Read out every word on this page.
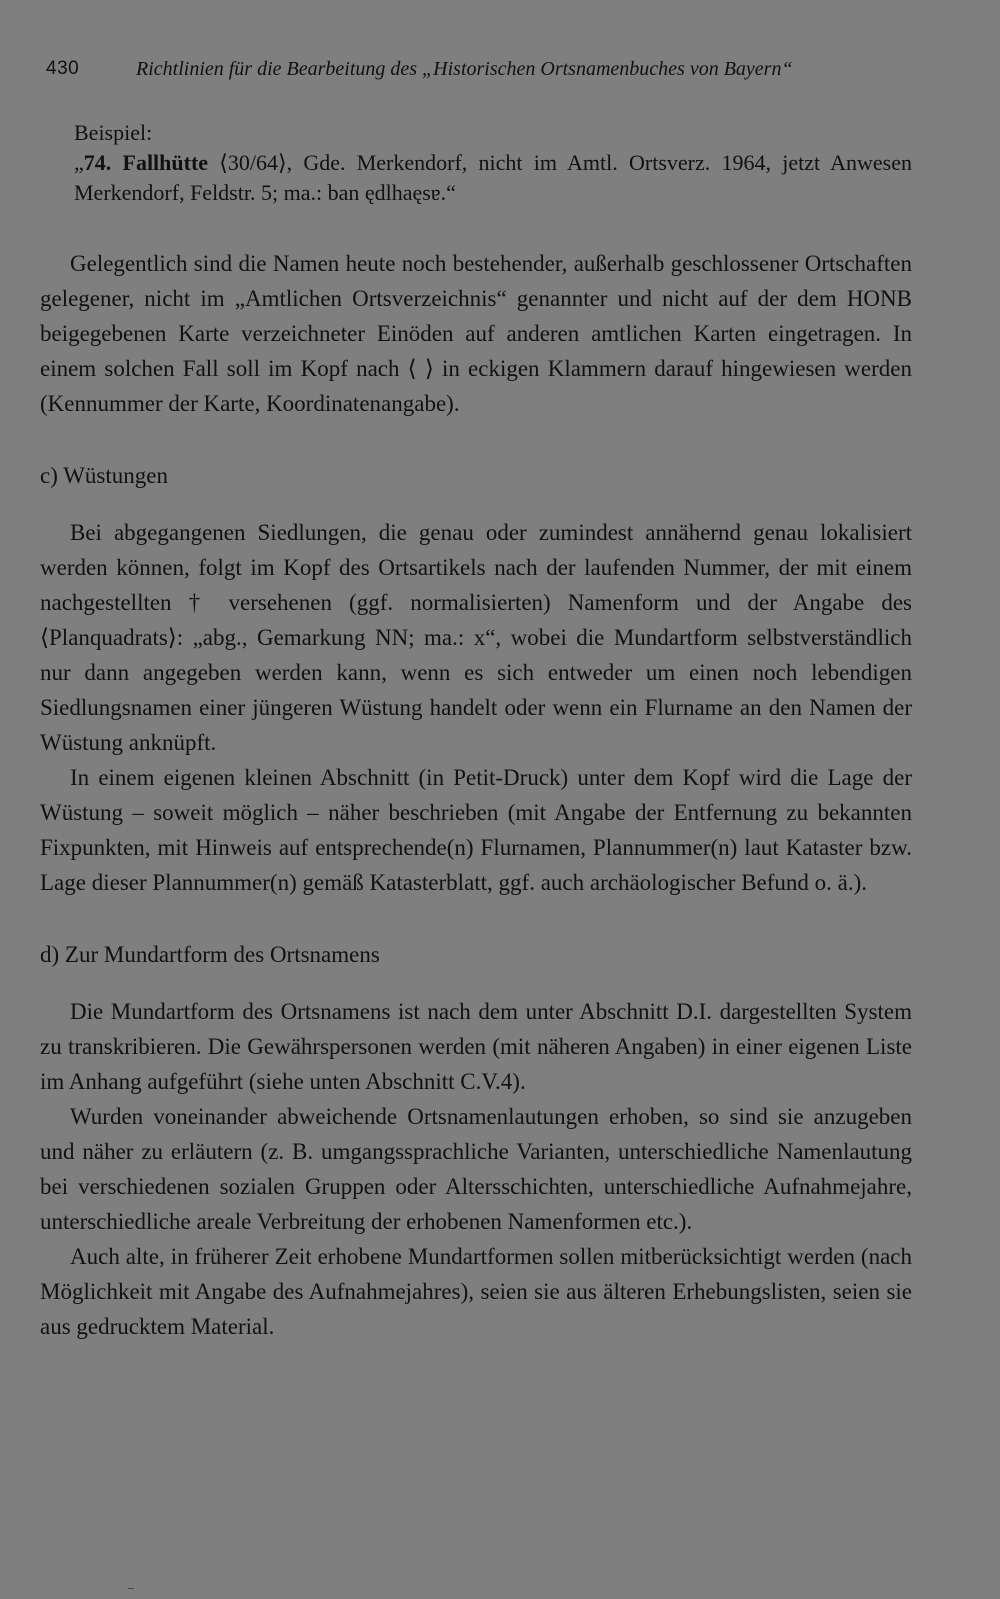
430	Richtlinien für die Bearbeitung des „Historischen Ortsnamenbuches von Bayern“

Beispiel:

„74. Fallhütte ⟨30/64⟩, Gde. Merkendorf, nicht im Amtl. Ortsverz. 1964, jetzt Anwesen Merkendorf, Feldstr. 5; ma.: ban ędlhaęsɐ.“

Gelegentlich sind die Namen heute noch bestehender, außerhalb geschlossener Ortschaften gelegener, nicht im „Amtlichen Ortsverzeichnis“ genannter und nicht auf der dem HONB beigegebenen Karte verzeichneter Einöden auf anderen amtlichen Karten eingetragen. In einem solchen Fall soll im Kopf nach ⟨ ⟩ in eckigen Klammern darauf hingewiesen werden (Kennummer der Karte, Koordinatenangabe).

c) Wüstungen

Bei abgegangenen Siedlungen, die genau oder zumindest annähernd genau lokalisiert werden können, folgt im Kopf des Ortsartikels nach der laufenden Nummer, der mit einem nachgestellten † versehenen (ggf. normalisierten) Namenform und der Angabe des ⟨Planquadrats⟩: „abg., Gemarkung NN; ma.: x“, wobei die Mundartform selbstverständlich nur dann angegeben werden kann, wenn es sich entweder um einen noch lebendigen Siedlungsnamen einer jüngeren Wüstung handelt oder wenn ein Flurname an den Namen der Wüstung anknüpft.

In einem eigenen kleinen Abschnitt (in Petit-Druck) unter dem Kopf wird die Lage der Wüstung – soweit möglich – näher beschrieben (mit Angabe der Entfernung zu bekannten Fixpunkten, mit Hinweis auf entsprechende(n) Flurnamen, Plannummer(n) laut Kataster bzw. Lage dieser Plannummer(n) gemäß Katasterblatt, ggf. auch archäologischer Befund o. ä.).

d) Zur Mundartform des Ortsnamens

Die Mundartform des Ortsnamens ist nach dem unter Abschnitt D.I. dargestellten System zu transkribieren. Die Gewährspersonen werden (mit näheren Angaben) in einer eigenen Liste im Anhang aufgeführt (siehe unten Abschnitt C.V.4).

Wurden voneinander abweichende Ortsnamenlautungen erhoben, so sind sie anzugeben und näher zu erläutern (z. B. umgangssprachliche Varianten, unterschiedliche Namenlautung bei verschiedenen sozialen Gruppen oder Altersschichten, unterschiedliche Aufnahmejahre, unterschiedliche areale Verbreitung der erhobenen Namenformen etc.).

Auch alte, in früherer Zeit erhobene Mundartformen sollen mitberücksichtigt werden (nach Möglichkeit mit Angabe des Aufnahmejahres), seien sie aus älteren Erhebungslisten, seien sie aus gedrucktem Material.
